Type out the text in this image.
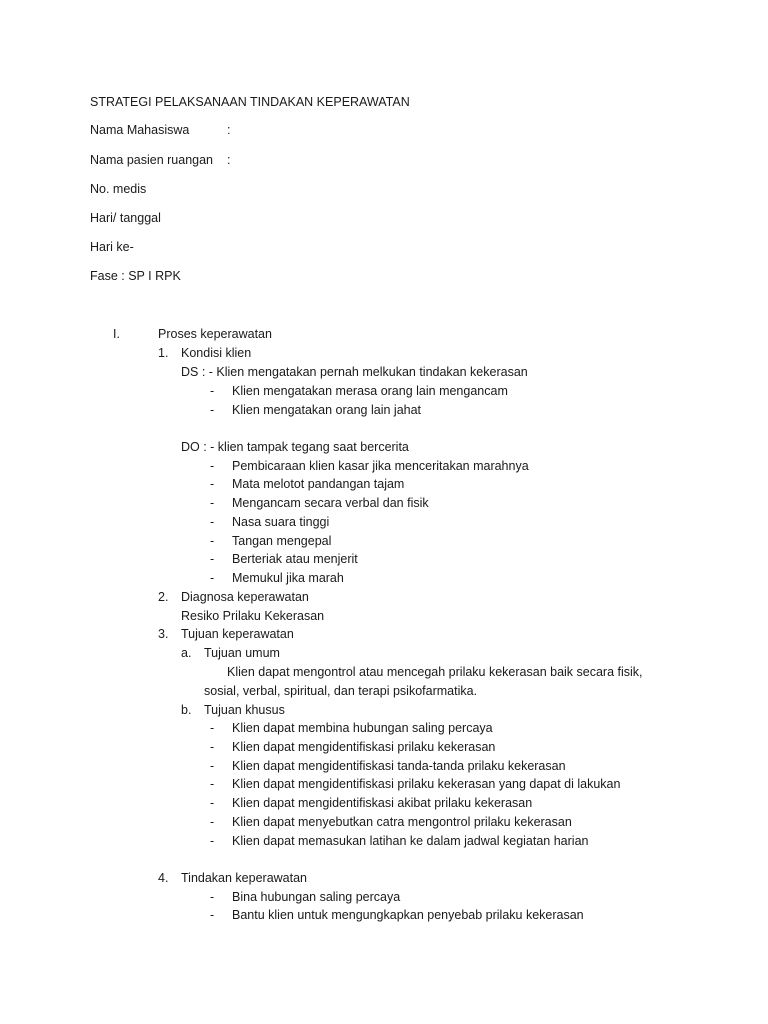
STRATEGI PELAKSANAAN TINDAKAN KEPERAWATAN
Nama Mahasiswa	:
Nama pasien ruangan :
No. medis
Hari/ tanggal
Hari ke-
Fase : SP I RPK
I.	Proses keperawatan
1. Kondisi klien
DS : - Klien mengatakan pernah melkukan tindakan kekerasan
- Klien mengatakan merasa orang lain mengancam
- Klien mengatakan orang lain jahat
DO : - klien tampak tegang saat bercerita
- Pembicaraan klien kasar jika menceritakan marahnya
- Mata melotot pandangan tajam
- Mengancam secara verbal dan fisik
- Nasa suara tinggi
- Tangan mengepal
- Berteriak atau menjerit
- Memukul jika marah
2. Diagnosa keperawatan
Resiko Prilaku Kekerasan
3. Tujuan keperawatan
a. Tujuan umum
Klien dapat mengontrol atau mencegah prilaku kekerasan baik secara fisik,
sosial, verbal, spiritual, dan terapi psikofarmatika.
b. Tujuan khusus
- Klien dapat membina hubungan saling percaya
- Klien dapat mengidentifiskasi prilaku kekerasan
- Klien dapat mengidentifiskasi tanda-tanda prilaku kekerasan
- Klien dapat mengidentifiskasi prilaku kekerasan yang dapat di lakukan
- Klien dapat mengidentifiskasi akibat prilaku kekerasan
- Klien dapat menyebutkan catra mengontrol prilaku kekerasan
- Klien dapat memasukan latihan ke dalam jadwal kegiatan harian
4. Tindakan keperawatan
- Bina hubungan saling percaya
- Bantu klien untuk mengungkapkan penyebab prilaku kekerasan
